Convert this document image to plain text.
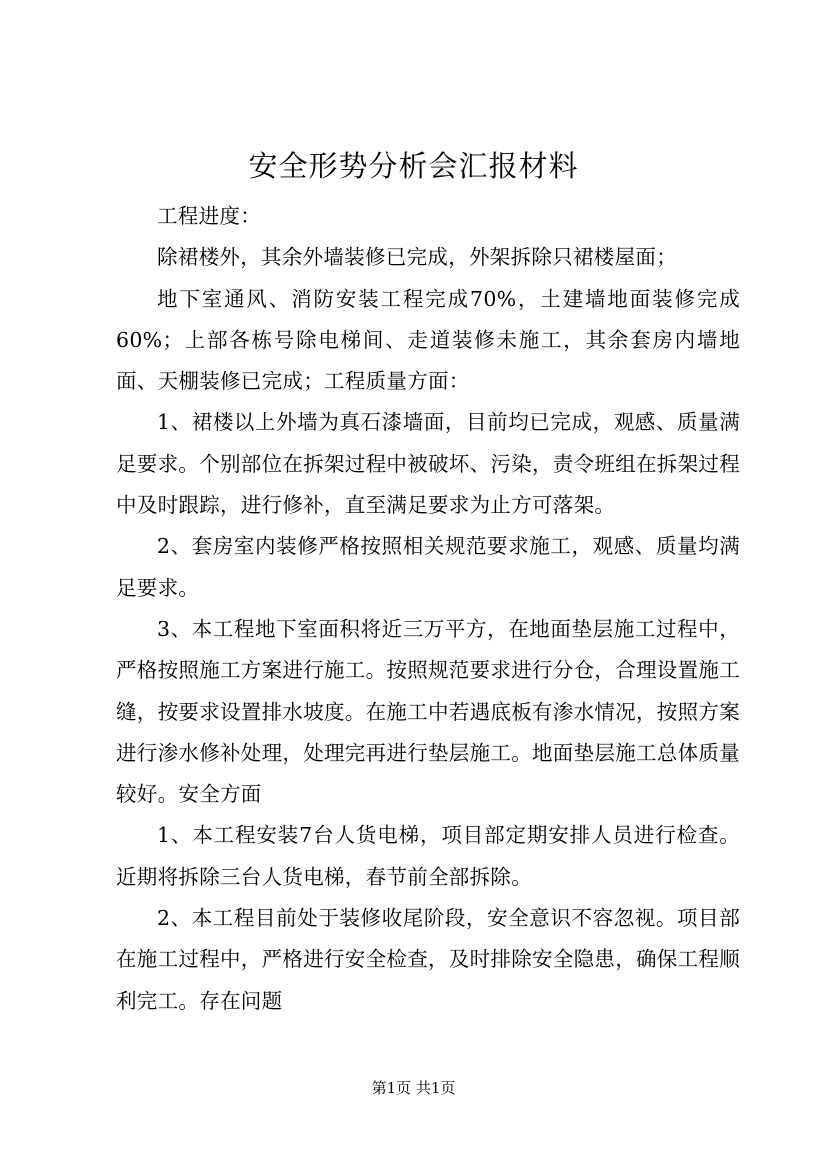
安全形势分析会汇报材料

工程进度：

除裙楼外，其余外墙装修已完成，外架拆除只裙楼屋面；

地下室通风、消防安装工程完成70%，土建墙地面装修完成60%；上部各栋号除电梯间、走道装修未施工，其余套房内墙地面、天棚装修已完成；工程质量方面：

1、裙楼以上外墙为真石漆墙面，目前均已完成，观感、质量满足要求。个别部位在拆架过程中被破坏、污染，责令班组在拆架过程中及时跟踪，进行修补，直至满足要求为止方可落架。

2、套房室内装修严格按照相关规范要求施工，观感、质量均满足要求。

3、本工程地下室面积将近三万平方，在地面垫层施工过程中，严格按照施工方案进行施工。按照规范要求进行分仓，合理设置施工缝，按要求设置排水坡度。在施工中若遇底板有渗水情况，按照方案进行渗水修补处理，处理完再进行垫层施工。地面垫层施工总体质量较好。安全方面

1、本工程安装7台人货电梯，项目部定期安排人员进行检查。近期将拆除三台人货电梯，春节前全部拆除。

2、本工程目前处于装修收尾阶段，安全意识不容忽视。项目部在施工过程中，严格进行安全检查，及时排除安全隐患，确保工程顺利完工。存在问题

第1页 共1页
